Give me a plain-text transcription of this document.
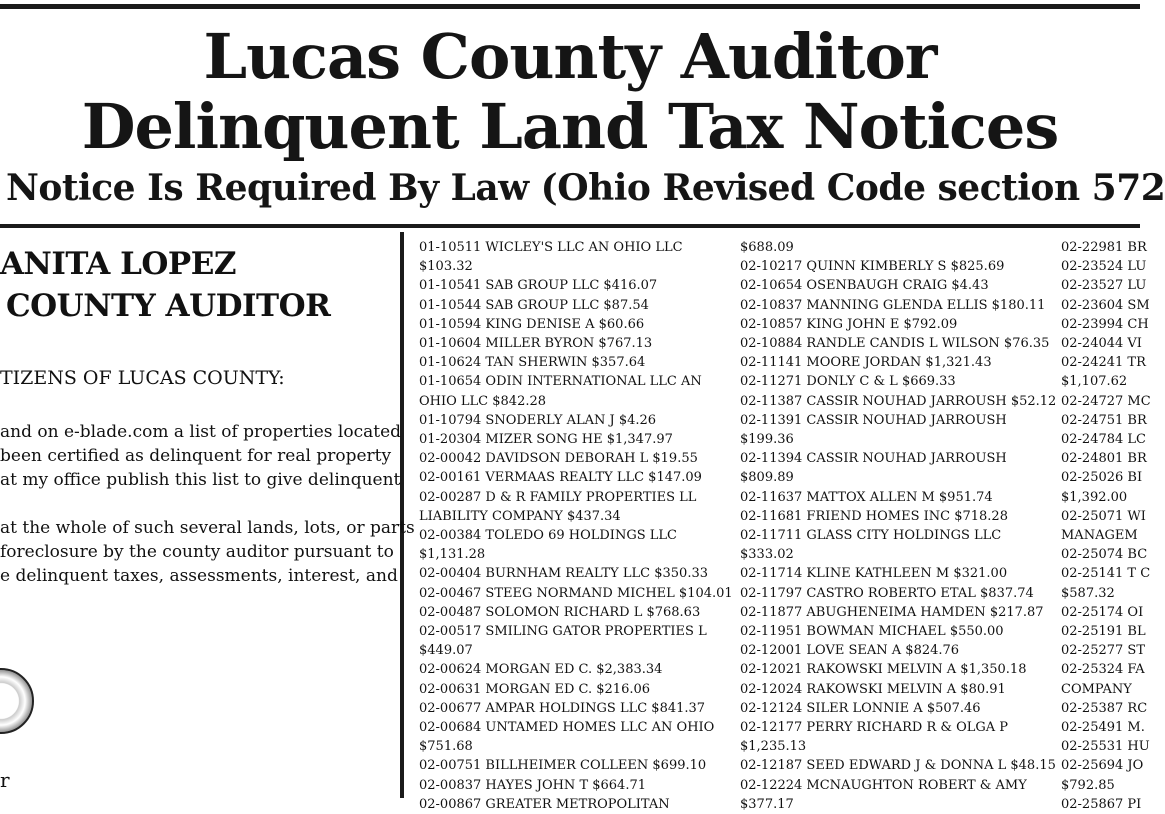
Lucas County Auditor
Delinquent Land Tax Notices
Notice Is Required By Law (Ohio Revised Code section 572
ANITA LOPEZ
COUNTY AUDITOR
TIZENS OF LUCAS COUNTY:
and on e-blade.com a list of properties located
been certified as delinquent for real property
at my office publish this list to give delinquent
at the whole of such several lands, lots, or parts
foreclosure by the county auditor pursuant to
e delinquent taxes, assessments, interest, and
r
01-10511 WICLEY'S LLC AN OHIO LLC
$103.32
01-10541 SAB GROUP LLC $416.07
01-10544 SAB GROUP LLC $87.54
01-10594 KING DENISE A $60.66
01-10604 MILLER BYRON $767.13
01-10624 TAN SHERWIN $357.64
01-10654 ODIN INTERNATIONAL LLC AN
OHIO LLC $842.28
01-10794 SNODERLY ALAN J $4.26
01-20304 MIZER SONG HE $1,347.97
02-00042 DAVIDSON DEBORAH L $19.55
02-00161 VERMAAS REALTY LLC $147.09
02-00287 D & R FAMILY PROPERTIES LL
LIABILITY COMPANY $437.34
02-00384 TOLEDO 69 HOLDINGS LLC
$1,131.28
02-00404 BURNHAM REALTY LLC $350.33
02-00467 STEEG NORMAND MICHEL $104.01
02-00487 SOLOMON RICHARD L $768.63
02-00517 SMILING GATOR PROPERTIES L
$449.07
02-00624 MORGAN ED C. $2,383.34
02-00631 MORGAN ED C. $216.06
02-00677 AMPAR HOLDINGS LLC $841.37
02-00684 UNTAMED HOMES LLC AN OHIO
$751.68
02-00751 BILLHEIMER COLLEEN $699.10
02-00837 HAYES JOHN T $664.71
02-00867 GREATER METROPOLITAN
$688.09
02-10217 QUINN KIMBERLY S $825.69
02-10654 OSENBAUGH CRAIG $4.43
02-10837 MANNING GLENDA ELLIS $180.11
02-10857 KING JOHN E $792.09
02-10884 RANDLE CANDIS L WILSON $76.35
02-11141 MOORE JORDAN $1,321.43
02-11271 DONLY C & L $669.33
02-11387 CASSIR NOUHAD JARROUSH $52.12
02-11391 CASSIR NOUHAD JARROUSH
$199.36
02-11394 CASSIR NOUHAD JARROUSH
$809.89
02-11637 MATTOX ALLEN M $951.74
02-11681 FRIEND HOMES INC $718.28
02-11711 GLASS CITY HOLDINGS LLC
$333.02
02-11714 KLINE KATHLEEN M $321.00
02-11797 CASTRO ROBERTO ETAL $837.74
02-11877 ABUGHENEIMA HAMDEN $217.87
02-11951 BOWMAN MICHAEL $550.00
02-12001 LOVE SEAN A $824.76
02-12021 RAKOWSKI MELVIN A $1,350.18
02-12024 RAKOWSKI MELVIN A $80.91
02-12124 SILER LONNIE A $507.46
02-12177 PERRY RICHARD R & OLGA P
$1,235.13
02-12187 SEED EDWARD J & DONNA L $48.15
02-12224 MCNAUGHTON ROBERT & AMY
$377.17
02-22981 BR
02-23524 LU
02-23527 LU
02-23604 SM
02-23994 CH
02-24044 VI
02-24241 TR
$1,107.62
02-24727 MC
02-24751 BR
02-24784 LC
02-24801 BR
02-25026 BI
$1,392.00
02-25071 WI
MANAGEM
02-25074 BC
02-25141 T C
$587.32
02-25174 OI
02-25191 BL
02-25277 ST
02-25324 FA
COMPANY
02-25387 RC
02-25491 M.
02-25531 HU
02-25694 JO
$792.85
02-25867 PI
